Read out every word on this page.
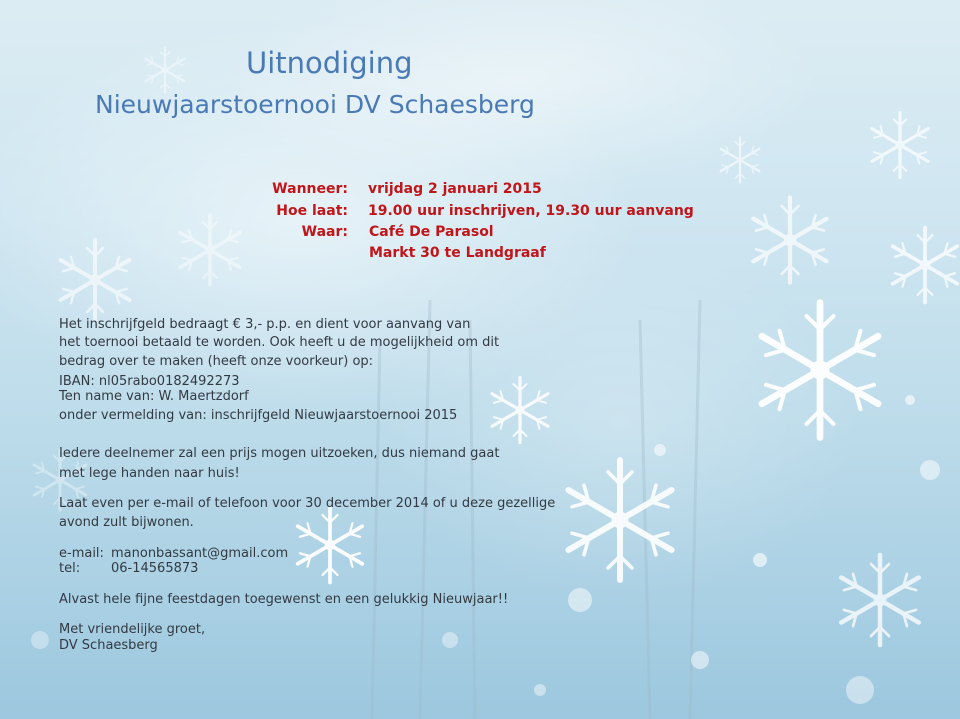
Uitnodiging
Nieuwjaarstoernooi DV Schaesberg
Wanneer: vrijdag 2 januari 2015
Hoe laat: 19.00 uur inschrijven, 19.30 uur aanvang
Waar: Café De Parasol
Markt 30 te Landgraaf
Het inschrijfgeld bedraagt € 3,- p.p. en dient voor aanvang van
het toernooi betaald te worden. Ook heeft u de mogelijkheid om dit
bedrag over te maken (heeft onze voorkeur) op:
IBAN: nl05rabo0182492273
Ten name van: W. Maertzdorf
onder vermelding van: inschrijfgeld Nieuwjaarstoernooi 2015
Iedere deelnemer zal een prijs mogen uitzoeken, dus niemand gaat
met lege handen naar huis!
Laat even per e-mail of telefoon voor 30 december 2014 of u deze gezellige
avond zult bijwonen.
e-mail: manonbassant@gmail.com
tel: 06-14565873
Alvast hele fijne feestdagen toegewenst en een gelukkig Nieuwjaar!!
Met vriendelijke groet,
DV Schaesberg
